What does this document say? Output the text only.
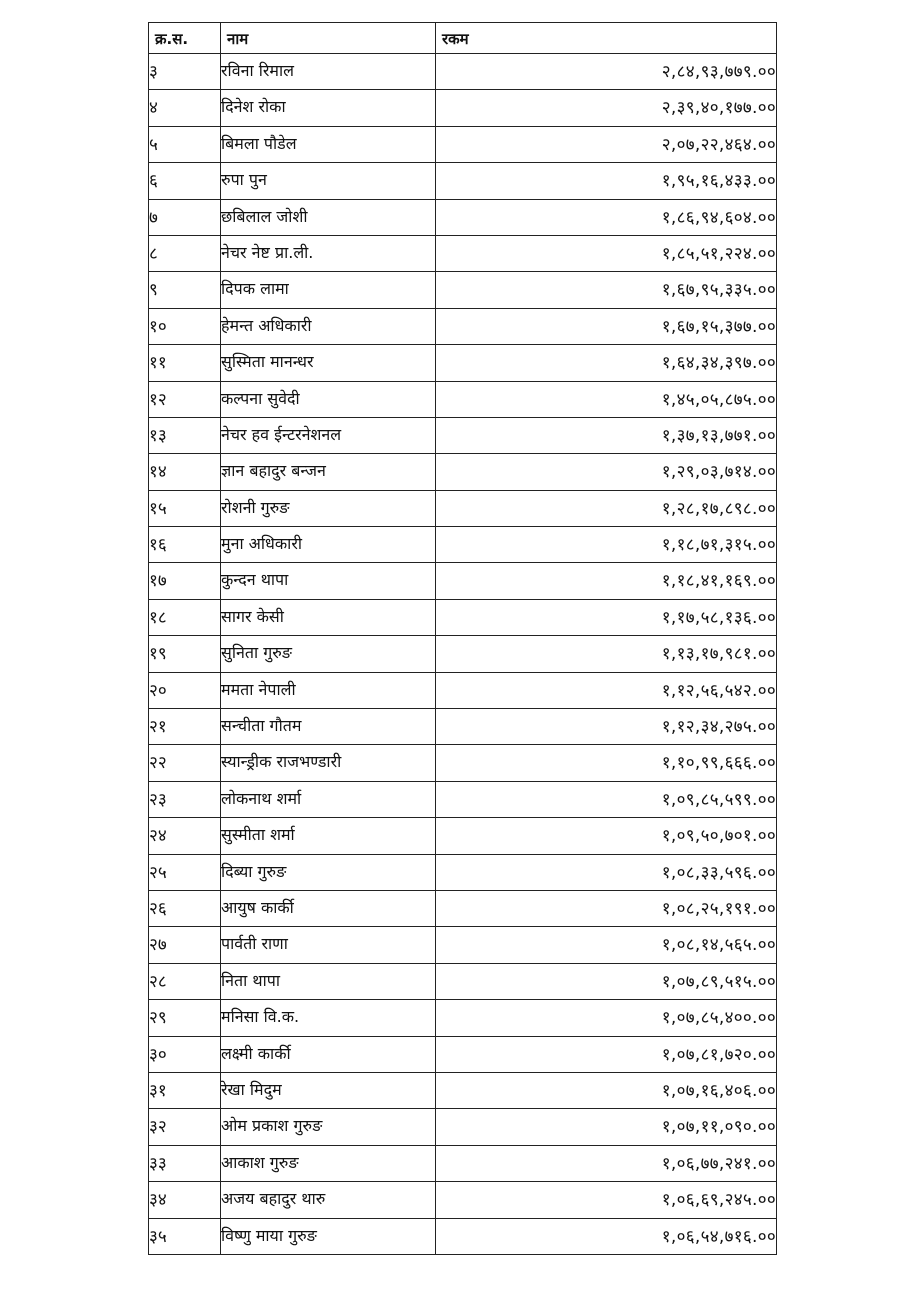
क्र.स.	नाम	रकम
३	रविना रिमाल	२,८४,९३,७७९.००
४	दिनेश रोका	२,३९,४०,१७७.००
५	बिमला पौडेल	२,०७,२२,४६४.००
६	रुपा पुन	१,९५,१६,४३३.००
७	छबिलाल जोशी	१,८६,९४,६०४.००
८	नेचर नेष्ट प्रा.ली.	१,८५,५१,२२४.००
९	दिपक लामा	१,६७,९५,३३५.००
१०	हेमन्त अधिकारी	१,६७,१५,३७७.००
११	सुस्मिता मानन्धर	१,६४,३४,३९७.००
१२	कल्पना सुवेदी	१,४५,०५,८७५.००
१३	नेचर हव ईन्टरनेशनल	१,३७,१३,७७१.००
१४	ज्ञान बहादुर बन्जन	१,२९,०३,७१४.००
१५	रोशनी गुरुङ	१,२८,१७,८९८.००
१६	मुना अधिकारी	१,१८,७१,३१५.००
१७	कुन्दन थापा	१,१८,४१,१६९.००
१८	सागर केसी	१,१७,५८,१३६.००
१९	सुनिता गुरुङ	१,१३,१७,९८१.००
२०	ममता नेपाली	१,१२,५६,५४२.००
२१	सन्चीता गौतम	१,१२,३४,२७५.००
२२	स्यान्ड्रीक राजभण्डारी	१,१०,९९,६६६.००
२३	लोकनाथ शर्मा	१,०९,८५,५९९.००
२४	सुस्मीता शर्मा	१,०९,५०,७०१.००
२५	दिब्या गुरुङ	१,०८,३३,५९६.००
२६	आयुष कार्की	१,०८,२५,१९१.००
२७	पार्वती राणा	१,०८,१४,५६५.००
२८	निता थापा	१,०७,८९,५१५.००
२९	मनिसा वि.क.	१,०७,८५,४००.००
३०	लक्ष्मी कार्की	१,०७,८१,७२०.००
३१	रेखा मिदुम	१,०७,१६,४०६.००
३२	ओम प्रकाश गुरुङ	१,०७,११,०९०.००
३३	आकाश गुरुङ	१,०६,७७,२४१.००
३४	अजय बहादुर थारु	१,०६,६९,२४५.००
३५	विष्णु माया गुरुङ	१,०६,५४,७१६.००
